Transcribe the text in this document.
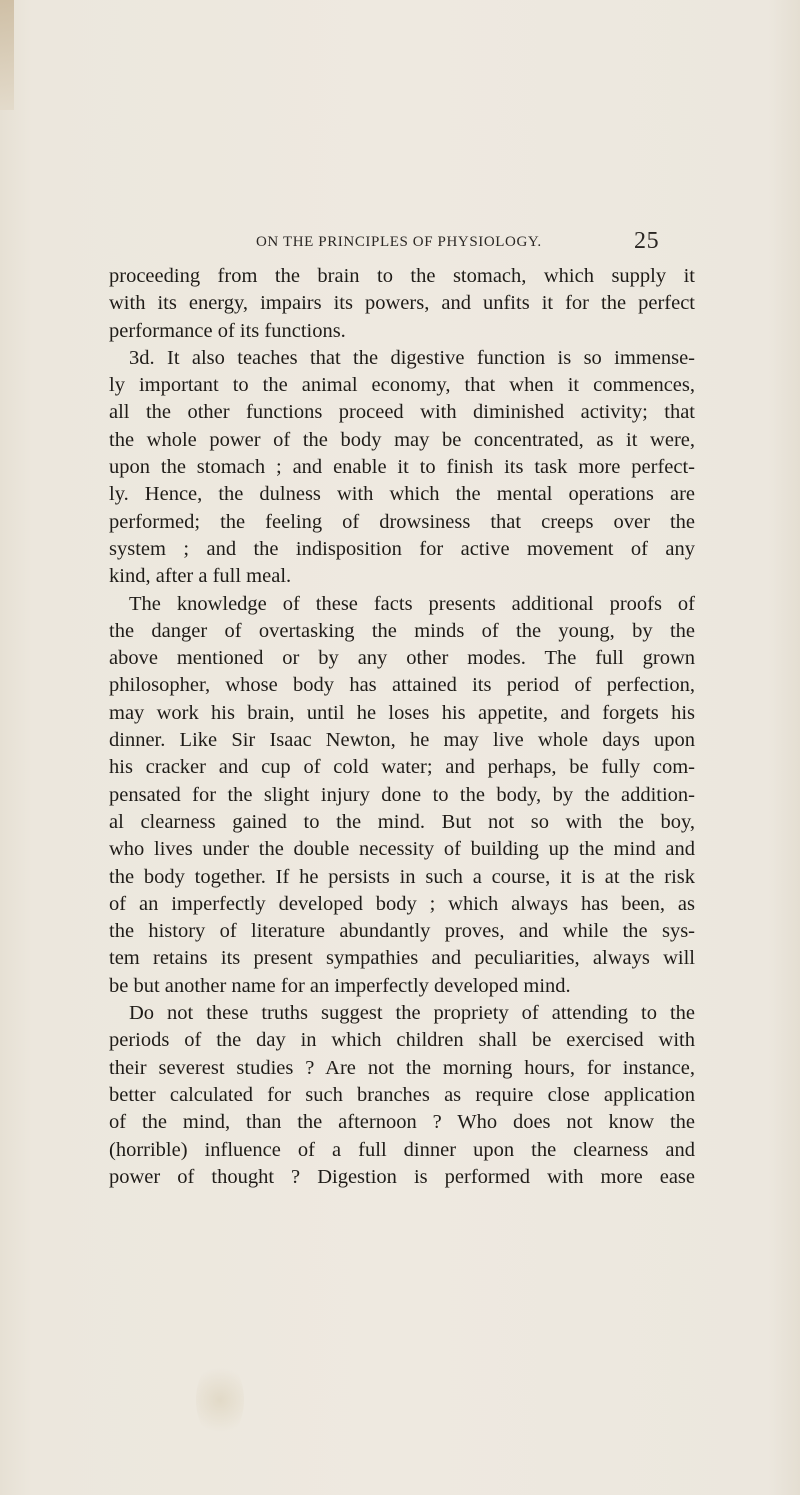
ON THE PRINCIPLES OF PHYSIOLOGY.	25
proceeding from the brain to the stomach, which supply it
with its energy, impairs its powers, and unfits it for the perfect
performance of its functions.
3d. It also teaches that the digestive function is so immense-
ly important to the animal economy, that when it commences,
all the other functions proceed with diminished activity; that
the whole power of the body may be concentrated, as it were,
upon the stomach ; and enable it to finish its task more perfect-
ly. Hence, the dulness with which the mental operations are
performed; the feeling of drowsiness that creeps over the
system ; and the indisposition for active movement of any
kind, after a full meal.
The knowledge of these facts presents additional proofs of
the danger of overtasking the minds of the young, by the
above mentioned or by any other modes. The full grown
philosopher, whose body has attained its period of perfection,
may work his brain, until he loses his appetite, and forgets his
dinner. Like Sir Isaac Newton, he may live whole days upon
his cracker and cup of cold water; and perhaps, be fully com-
pensated for the slight injury done to the body, by the addition-
al clearness gained to the mind. But not so with the boy,
who lives under the double necessity of building up the mind and
the body together. If he persists in such a course, it is at the risk
of an imperfectly developed body ; which always has been, as
the history of literature abundantly proves, and while the sys-
tem retains its present sympathies and peculiarities, always will
be but another name for an imperfectly developed mind.
Do not these truths suggest the propriety of attending to the
periods of the day in which children shall be exercised with
their severest studies ? Are not the morning hours, for instance,
better calculated for such branches as require close application
of the mind, than the afternoon ? Who does not know the
(horrible) influence of a full dinner upon the clearness and
power of thought ? Digestion is performed with more ease
